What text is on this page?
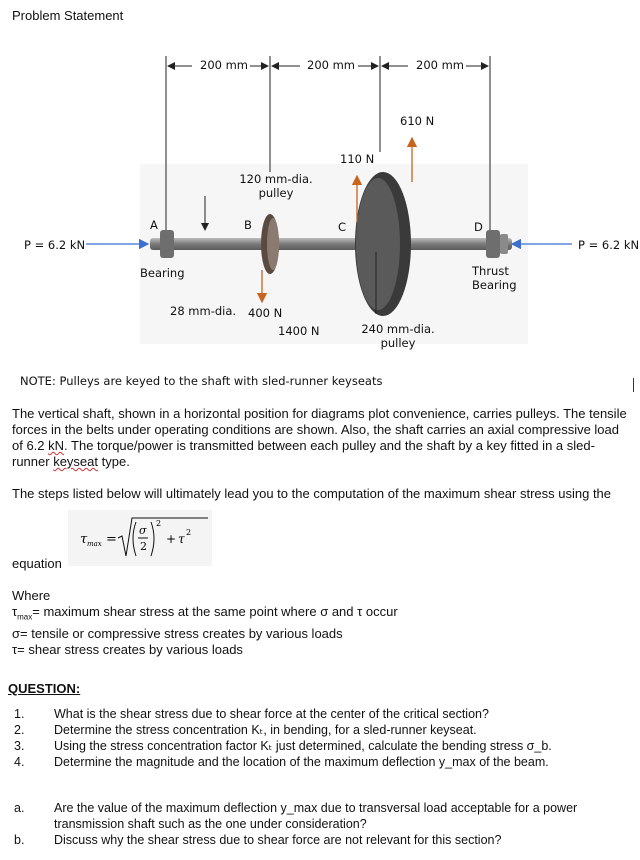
Problem Statement
200 mm	200 mm	200 mm
610 N
110 N
120 mm-dia.
pulley
A	B	C	D
P = 6.2 kN	P = 6.2 kN
Bearing	Thrust
Bearing
28 mm-dia. 400 N
1400 N	240 mm-dia.
pulley
NOTE: Pulleys are keyed to the shaft with sled-runner keyseats
The vertical shaft, shown in a horizontal position for diagrams plot convenience, carries pulleys. The tensile forces in the belts under operating conditions are shown. Also, the shaft carries an axial compressive load of 6.2 kN. The torque/power is transmitted between each pulley and the shaft by a key fitted in a sled-runner keyseat type.
The steps listed below will ultimately lead you to the computation of the maximum shear stress using the
τ max =
σ
2
2
+ τ 2
equation
Where
$\tau_{max}=$ maximum shear stress at the same point where σ and τ occur
σ= tensile or compressive stress creates by various loads
τ= shear stress creates by various loads
QUESTION:
1. What is the shear stress due to shear force at the center of the critical section?
2. Determine the stress concentration Kₜ, in bending, for a sled-runner keyseat.
3. Using the stress concentration factor Kₜ just determined, calculate the bending stress σ_b.
4. Determine the magnitude and the location of the maximum deflection y_max of the beam.
a. Are the value of the maximum deflection y_max due to transversal load acceptable for a power transmission shaft such as the one under consideration?
b. Discuss why the shear stress due to shear force are not relevant for this section?
